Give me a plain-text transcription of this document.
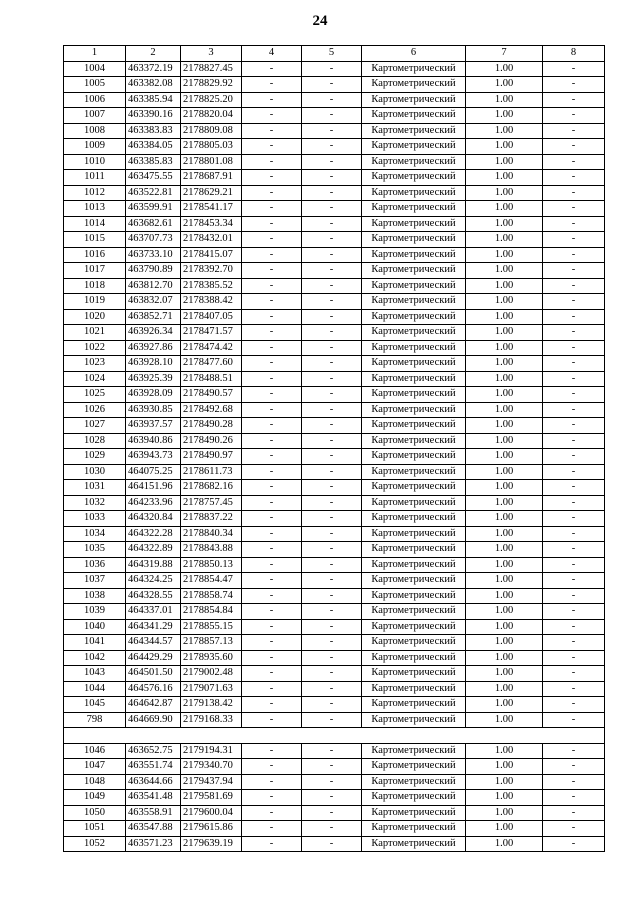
24
1	2	3	4	5	6	7	8
1004	463372.19	2178827.45	-	-	Картометрический	1.00	-
1005	463382.08	2178829.92	-	-	Картометрический	1.00	-
1006	463385.94	2178825.20	-	-	Картометрический	1.00	-
1007	463390.16	2178820.04	-	-	Картометрический	1.00	-
1008	463383.83	2178809.08	-	-	Картометрический	1.00	-
1009	463384.05	2178805.03	-	-	Картометрический	1.00	-
1010	463385.83	2178801.08	-	-	Картометрический	1.00	-
1011	463475.55	2178687.91	-	-	Картометрический	1.00	-
1012	463522.81	2178629.21	-	-	Картометрический	1.00	-
1013	463599.91	2178541.17	-	-	Картометрический	1.00	-
1014	463682.61	2178453.34	-	-	Картометрический	1.00	-
1015	463707.73	2178432.01	-	-	Картометрический	1.00	-
1016	463733.10	2178415.07	-	-	Картометрический	1.00	-
1017	463790.89	2178392.70	-	-	Картометрический	1.00	-
1018	463812.70	2178385.52	-	-	Картометрический	1.00	-
1019	463832.07	2178388.42	-	-	Картометрический	1.00	-
1020	463852.71	2178407.05	-	-	Картометрический	1.00	-
1021	463926.34	2178471.57	-	-	Картометрический	1.00	-
1022	463927.86	2178474.42	-	-	Картометрический	1.00	-
1023	463928.10	2178477.60	-	-	Картометрический	1.00	-
1024	463925.39	2178488.51	-	-	Картометрический	1.00	-
1025	463928.09	2178490.57	-	-	Картометрический	1.00	-
1026	463930.85	2178492.68	-	-	Картометрический	1.00	-
1027	463937.57	2178490.28	-	-	Картометрический	1.00	-
1028	463940.86	2178490.26	-	-	Картометрический	1.00	-
1029	463943.73	2178490.97	-	-	Картометрический	1.00	-
1030	464075.25	2178611.73	-	-	Картометрический	1.00	-
1031	464151.96	2178682.16	-	-	Картометрический	1.00	-
1032	464233.96	2178757.45	-	-	Картометрический	1.00	-
1033	464320.84	2178837.22	-	-	Картометрический	1.00	-
1034	464322.28	2178840.34	-	-	Картометрический	1.00	-
1035	464322.89	2178843.88	-	-	Картометрический	1.00	-
1036	464319.88	2178850.13	-	-	Картометрический	1.00	-
1037	464324.25	2178854.47	-	-	Картометрический	1.00	-
1038	464328.55	2178858.74	-	-	Картометрический	1.00	-
1039	464337.01	2178854.84	-	-	Картометрический	1.00	-
1040	464341.29	2178855.15	-	-	Картометрический	1.00	-
1041	464344.57	2178857.13	-	-	Картометрический	1.00	-
1042	464429.29	2178935.60	-	-	Картометрический	1.00	-
1043	464501.50	2179002.48	-	-	Картометрический	1.00	-
1044	464576.16	2179071.63	-	-	Картометрический	1.00	-
1045	464642.87	2179138.42	-	-	Картометрический	1.00	-
798	464669.90	2179168.33	-	-	Картометрический	1.00	-

1046	463652.75	2179194.31	-	-	Картометрический	1.00	-
1047	463551.74	2179340.70	-	-	Картометрический	1.00	-
1048	463644.66	2179437.94	-	-	Картометрический	1.00	-
1049	463541.48	2179581.69	-	-	Картометрический	1.00	-
1050	463558.91	2179600.04	-	-	Картометрический	1.00	-
1051	463547.88	2179615.86	-	-	Картометрический	1.00	-
1052	463571.23	2179639.19	-	-	Картометрический	1.00	-
